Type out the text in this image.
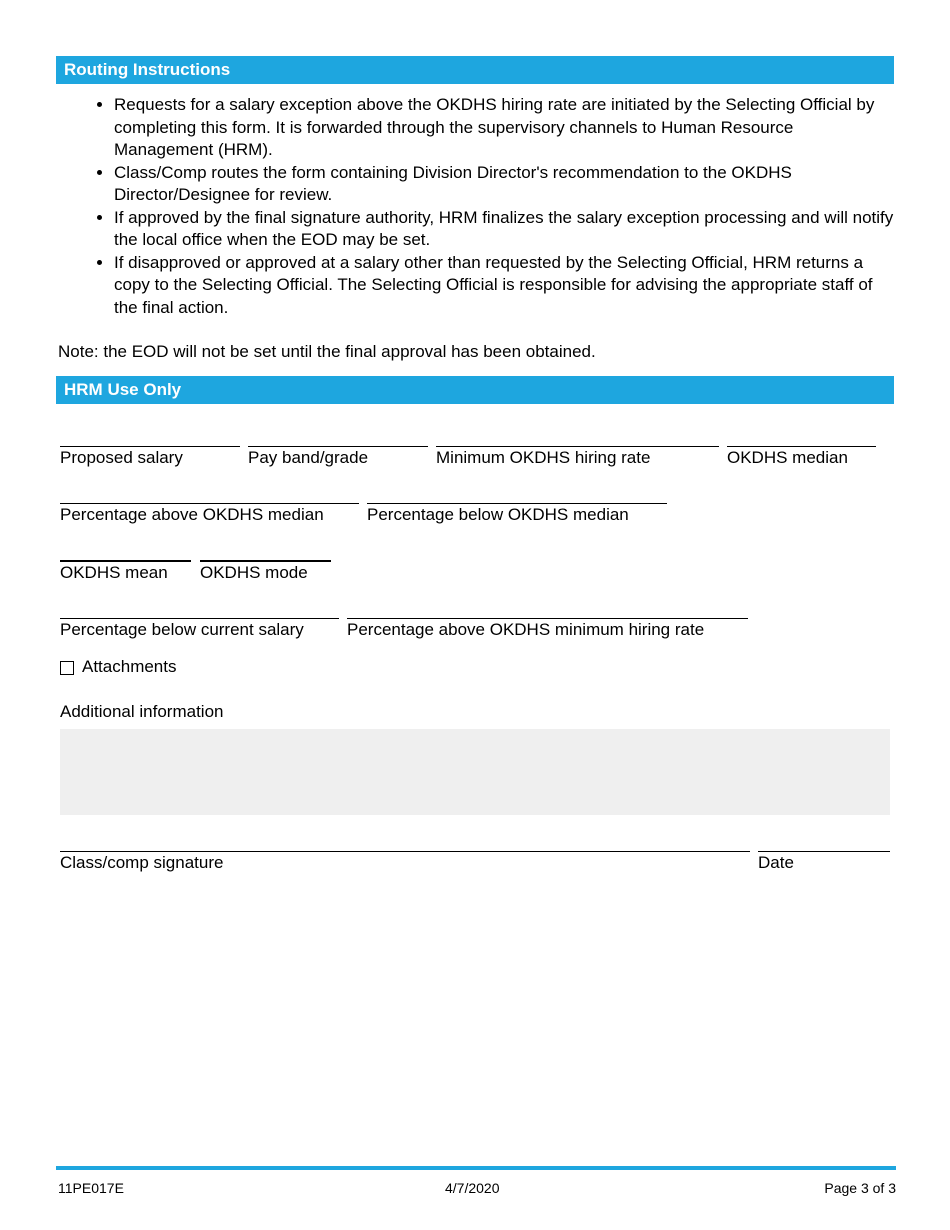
Routing Instructions
• Requests for a salary exception above the OKDHS hiring rate are initiated by the Selecting Official by completing this form. It is forwarded through the supervisory channels to Human Resource Management (HRM).
• Class/Comp routes the form containing Division Director's recommendation to the OKDHS Director/Designee for review.
• If approved by the final signature authority, HRM finalizes the salary exception processing and will notify the local office when the EOD may be set.
• If disapproved or approved at a salary other than requested by the Selecting Official, HRM returns a copy to the Selecting Official. The Selecting Official is responsible for advising the appropriate staff of the final action.
Note: the EOD will not be set until the final approval has been obtained.
HRM Use Only
Proposed salary	Pay band/grade	Minimum OKDHS hiring rate	OKDHS median
Percentage above OKDHS median	Percentage below OKDHS median
OKDHS mean	OKDHS mode
Percentage below current salary	Percentage above OKDHS minimum hiring rate
Attachments
Additional information
Class/comp signature	Date
11PE017E	4/7/2020	Page 3 of 3
